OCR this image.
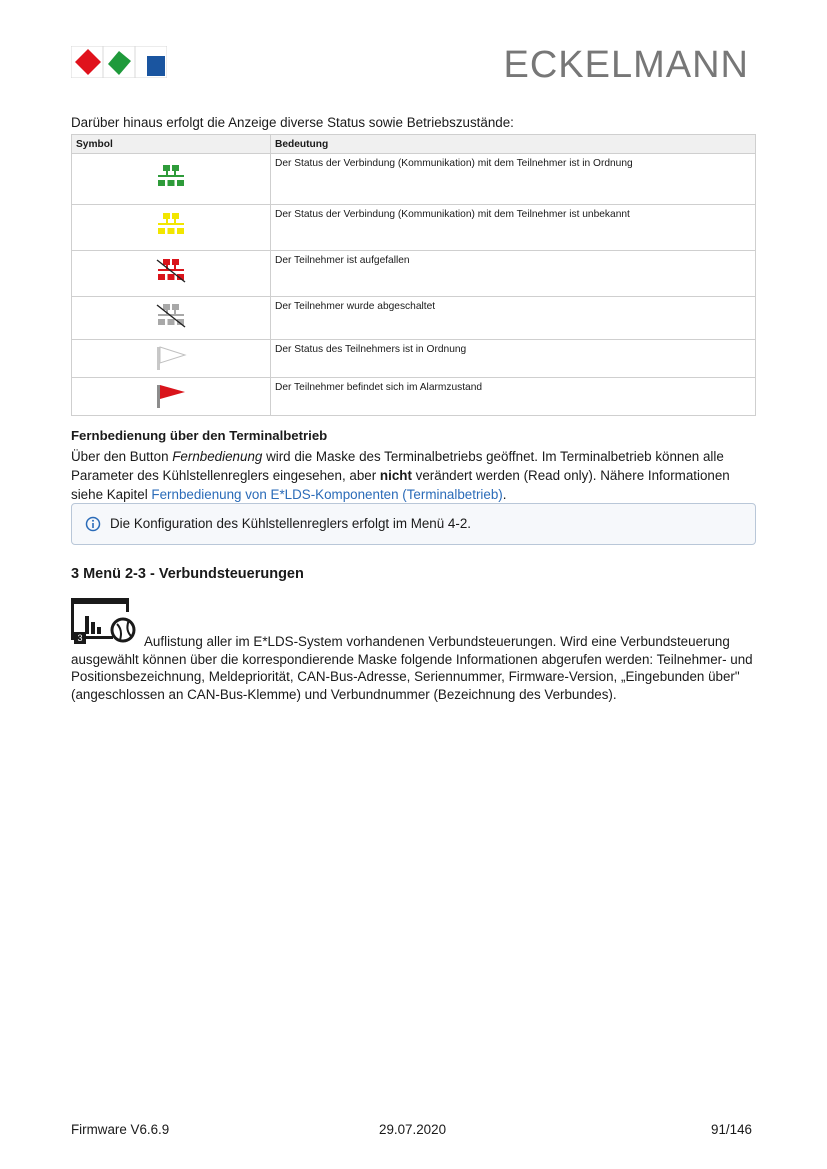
ECKELMANN
Darüber hinaus erfolgt die Anzeige diverse Status sowie Betriebszustände:
Symbol	Bedeutung
	Der Status der Verbindung (Kommunikation) mit dem Teilnehmer ist in Ordnung
	Der Status der Verbindung (Kommunikation) mit dem Teilnehmer ist unbekannt
	Der Teilnehmer ist aufgefallen
	Der Teilnehmer wurde abgeschaltet
	Der Status des Teilnehmers ist in Ordnung
	Der Teilnehmer befindet sich im Alarmzustand
Fernbedienung über den Terminalbetrieb
Über den Button Fernbedienung wird die Maske des Terminalbetriebs geöffnet. Im Terminalbetrieb können alle Parameter des Kühlstellenreglers eingesehen, aber nicht verändert werden (Read only). Nähere Informationen siehe Kapitel Fernbedienung von E*LDS-Komponenten (Terminalbetrieb).
Die Konfiguration des Kühlstellenreglers erfolgt im Menü 4-2.
3 Menü 2-3 - Verbundsteuerungen
3	Auflistung aller im E*LDS-System vorhandenen Verbundsteuerungen. Wird eine Verbundsteuerung
ausgewählt können über die korrespondierende Maske folgende Informationen abgerufen werden: Teilnehmer- und Positionsbezeichnung, Meldepriorität, CAN-Bus-Adresse, Seriennummer, Firmware-Version, „Eingebunden über" (angeschlossen an CAN-Bus-Klemme) und Verbundnummer (Bezeichnung des Verbundes).
Firmware V6.6.9	29.07.2020	91/146
